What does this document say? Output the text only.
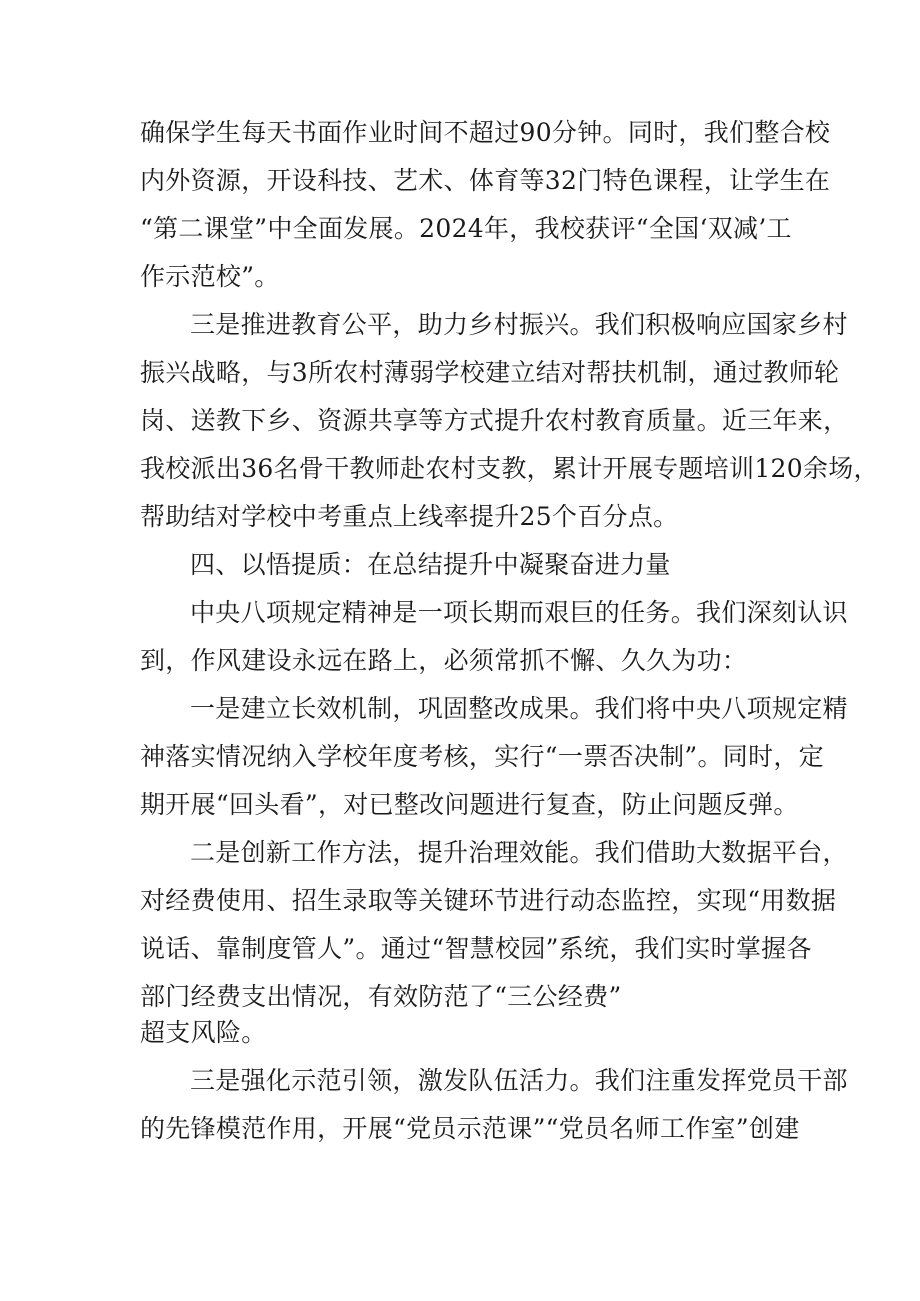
确保学生每天书面作业时间不超过90分钟。同时，我们整合校
内外资源，开设科技、艺术、体育等32门特色课程，让学生在
“第二课堂”中全面发展。2024年，我校获评“全国‘双减’工
作示范校”。
三是推进教育公平，助力乡村振兴。我们积极响应国家乡村
振兴战略，与3所农村薄弱学校建立结对帮扶机制，通过教师轮
岗、送教下乡、资源共享等方式提升农村教育质量。近三年来，
我校派出36名骨干教师赴农村支教，累计开展专题培训120余场，
帮助结对学校中考重点上线率提升25个百分点。
四、以悟提质：在总结提升中凝聚奋进力量
中央八项规定精神是一项长期而艰巨的任务。我们深刻认识
到，作风建设永远在路上，必须常抓不懈、久久为功：
一是建立长效机制，巩固整改成果。我们将中央八项规定精
神落实情况纳入学校年度考核，实行“一票否决制”。同时，定
期开展“回头看”，对已整改问题进行复查，防止问题反弹。
二是创新工作方法，提升治理效能。我们借助大数据平台，
对经费使用、招生录取等关键环节进行动态监控，实现“用数据
说话、靠制度管人”。通过“智慧校园”系统，我们实时掌握各
部门经费支出情况，有效防范了“三公经费”
超支风险。
三是强化示范引领，激发队伍活力。我们注重发挥党员干部
的先锋模范作用，开展“党员示范课”“党员名师工作室”创建
